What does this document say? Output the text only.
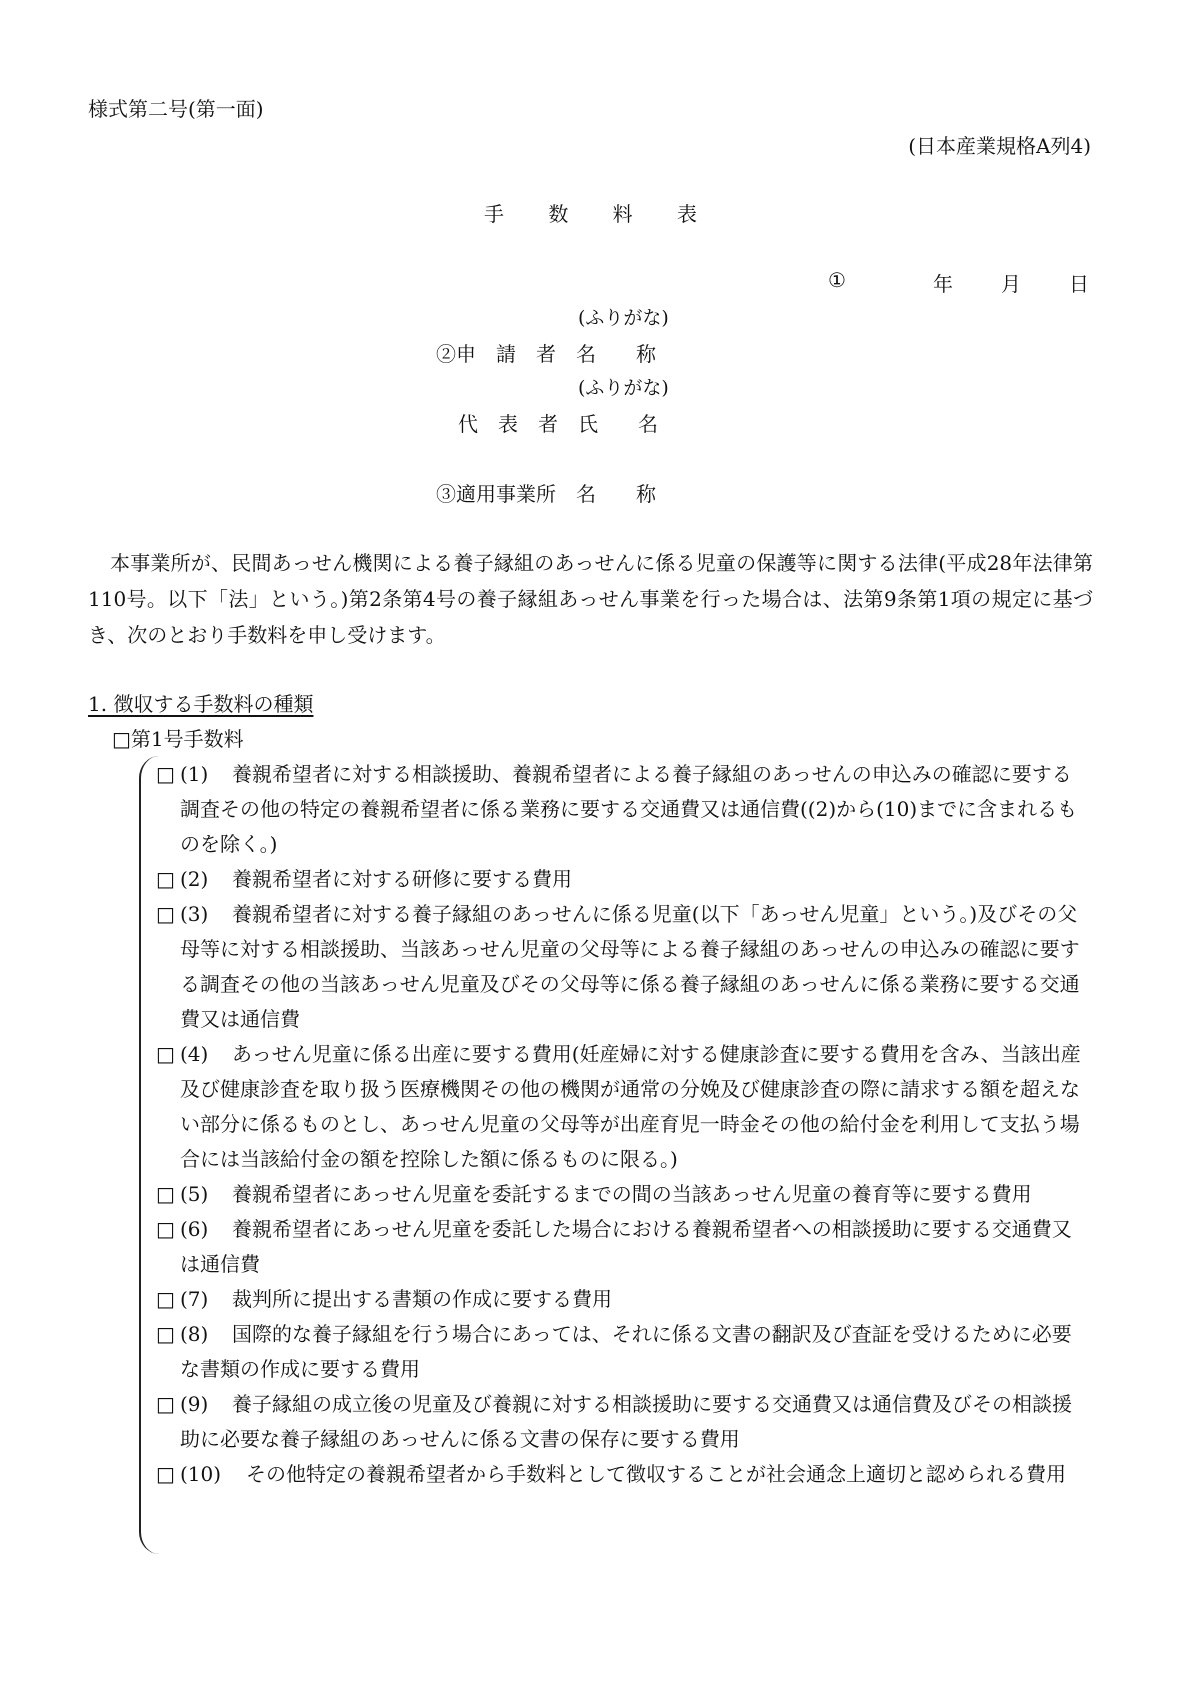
様式第二号(第一面)
(日本産業規格A列4)
手 数 料 表
①	年 月 日
(ふりがな)
②申　請　者　名　　称
(ふりがな)
代　表　者　氏　　名
③適用事業所　名　　称
本事業所が、民間あっせん機関による養子縁組のあっせんに係る児童の保護等に関する法律(平成28年法律第110号。以下「法」という。)第2条第4号の養子縁組あっせん事業を行った場合は、法第9条第1項の規定に基づき、次のとおり手数料を申し受けます。
1. 徴収する手数料の種類
□第1号手数料
□ (1) 養親希望者に対する相談援助、養親希望者による養子縁組のあっせんの申込みの確認に要する調査その他の特定の養親希望者に係る業務に要する交通費又は通信費((2)から(10)までに含まれるものを除く。)
□ (2) 養親希望者に対する研修に要する費用
□ (3) 養親希望者に対する養子縁組のあっせんに係る児童(以下「あっせん児童」という。)及びその父母等に対する相談援助、当該あっせん児童の父母等による養子縁組のあっせんの申込みの確認に要する調査その他の当該あっせん児童及びその父母等に係る養子縁組のあっせんに係る業務に要する交通費又は通信費
□ (4) あっせん児童に係る出産に要する費用(妊産婦に対する健康診査に要する費用を含み、当該出産及び健康診査を取り扱う医療機関その他の機関が通常の分娩及び健康診査の際に請求する額を超えない部分に係るものとし、あっせん児童の父母等が出産育児一時金その他の給付金を利用して支払う場合には当該給付金の額を控除した額に係るものに限る。)
□ (5) 養親希望者にあっせん児童を委託するまでの間の当該あっせん児童の養育等に要する費用
□ (6) 養親希望者にあっせん児童を委託した場合における養親希望者への相談援助に要する交通費又は通信費
□ (7) 裁判所に提出する書類の作成に要する費用
□ (8) 国際的な養子縁組を行う場合にあっては、それに係る文書の翻訳及び査証を受けるために必要な書類の作成に要する費用
□ (9) 養子縁組の成立後の児童及び養親に対する相談援助に要する交通費又は通信費及びその相談援助に必要な養子縁組のあっせんに係る文書の保存に要する費用
□ (10) その他特定の養親希望者から手数料として徴収することが社会通念上適切と認められる費用
